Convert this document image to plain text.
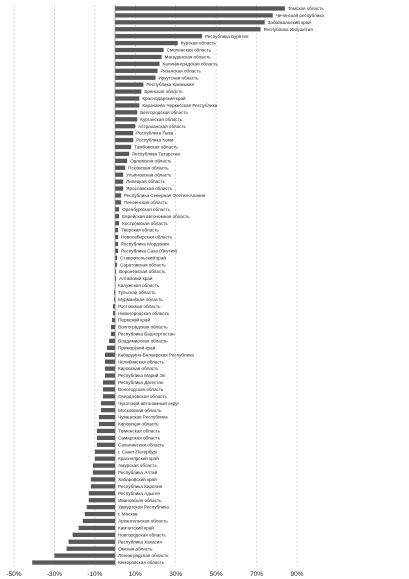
Томская область
Чеченская республика
Забайкальский край
Республика Ингушетия
Республика Бурятия
Курская область
Смоленская область
Магаданская область
Калининградская область
Рязанская область
Иркутская область
Республика Калмыкия
Брянская область
Краснодарский край
Карачаево-Черкесская Республика
Белгородская область
Курганская область
Астраханская область
Республика Тыва
Республика Коми
Тамбовская область
Республика Татарстан
Орловская область
Псковская область
Ульяновская область
Липецкая область
Ярославская область
Республика Северная Осетия-Алания
Пензенская область
Оренбургская область
Еврейская автономная область
Костромская область
Тверская область
Новосибирская область
Республика Мордовия
Республика Саха (Якутия)
Ставропольский край
Саратовская область
Воронежская область
Алтайский край
Калужская область
Тульская область
Мурманская область
Ростовская область
Нижегородская область
Пермский край
Волгоградская область
Республика Башкортостан
Владимирская область
Приморский край
Кабардино-Балкарская Республика
Челябинская область
Кировская область
Республика Марий Эл
Республика Дагестан
Вологодская область
Свердловская область
Чукотский автономный округ
Московская область
Чувашская Республика
Кировская область
Тюменская область
Самарская область
Сахалинская область
г. Санкт-Петербург
Красноярский край
Амурская область
Республика Алтай
Хабаровский край
Республика Карелия
Республика Адыгея
Ивановская область
Удмуртская Республика
г. Москва
Архангельская область
Камчатский край
Новгородская область
Республика Хакасия
Омская область
Ленинградская область
Кемеровская область
-50%	-30%	-10%	10%	30%	50%	70%	90%
